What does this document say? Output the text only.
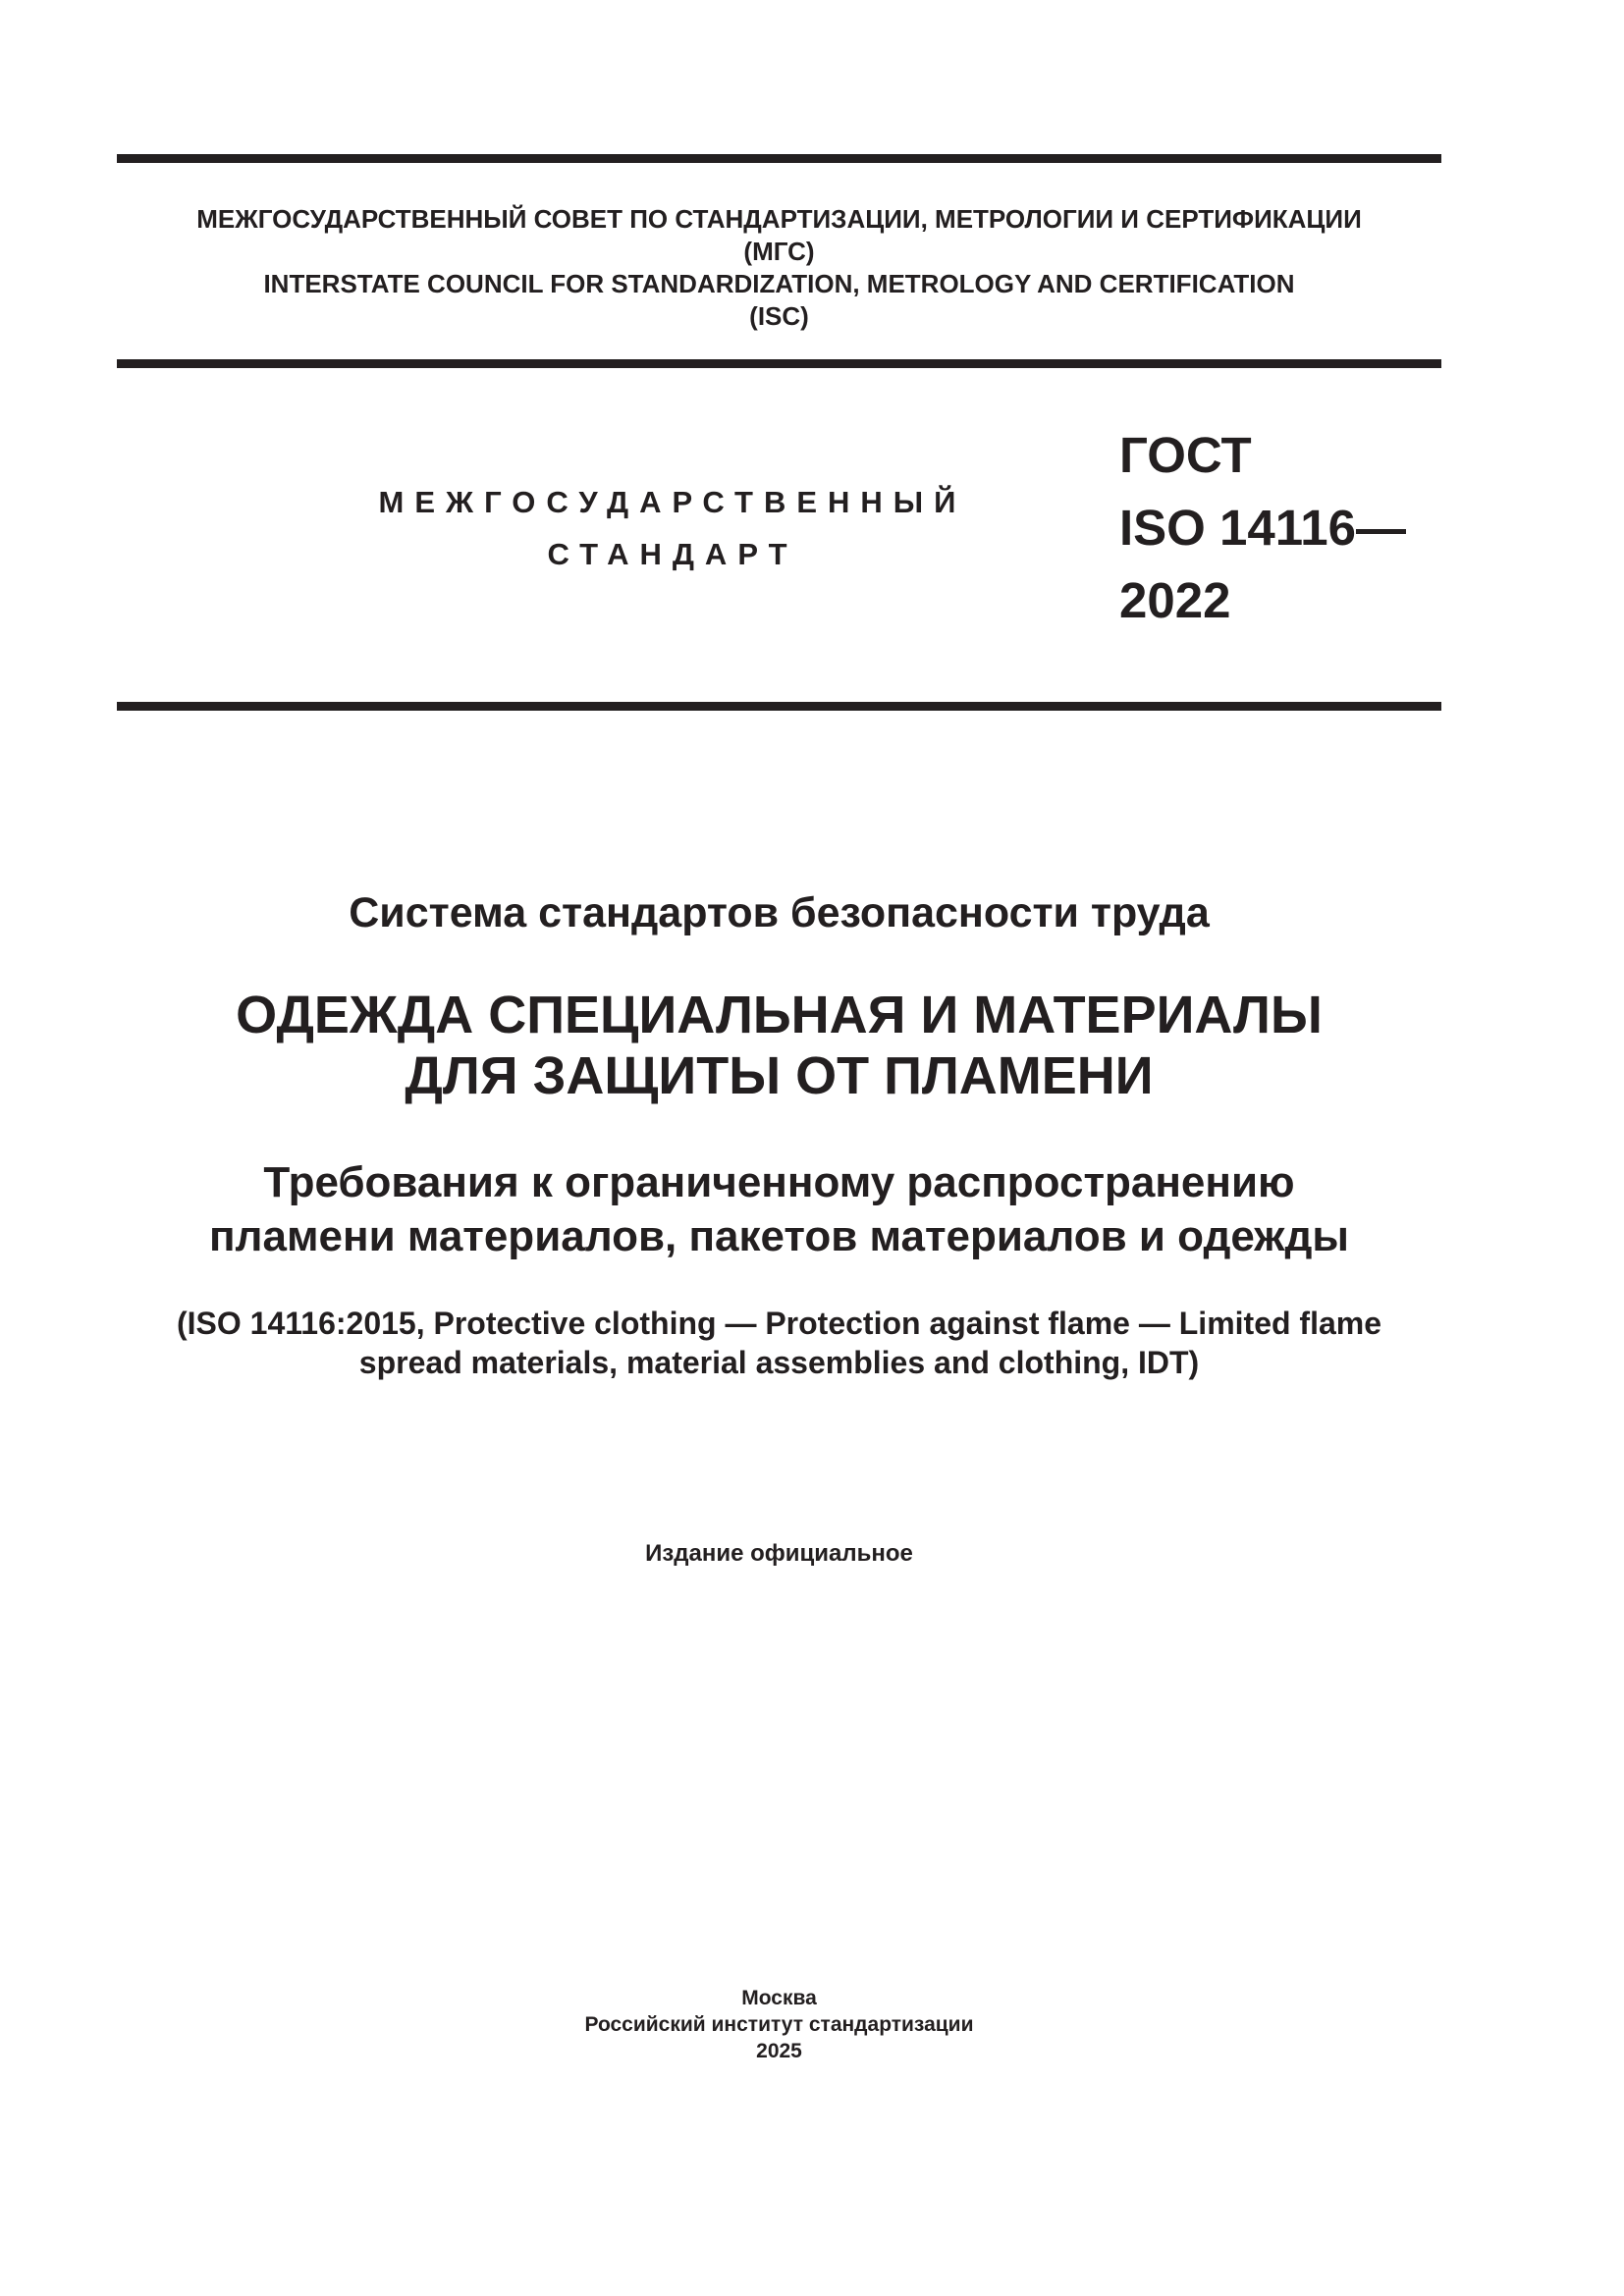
МЕЖГОСУДАРСТВЕННЫЙ СОВЕТ ПО СТАНДАРТИЗАЦИИ, МЕТРОЛОГИИ И СЕРТИФИКАЦИИ
(МГС)
INTERSTATE COUNCIL FOR STANDARDIZATION, METROLOGY AND CERTIFICATION
(ISC)
МЕЖГОСУДАРСТВЕННЫЙ
СТАНДАРТ
ГОСТ
ISO 14116—
2022
Система стандартов безопасности труда
ОДЕЖДА СПЕЦИАЛЬНАЯ И МАТЕРИАЛЫ
ДЛЯ ЗАЩИТЫ ОТ ПЛАМЕНИ
Требования к ограниченному распространению
пламени материалов, пакетов материалов и одежды
(ISO 14116:2015, Protective clothing — Protection against flame — Limited flame
spread materials, material assemblies and clothing, IDT)
Издание официальное
Москва
Российский институт стандартизации
2025
